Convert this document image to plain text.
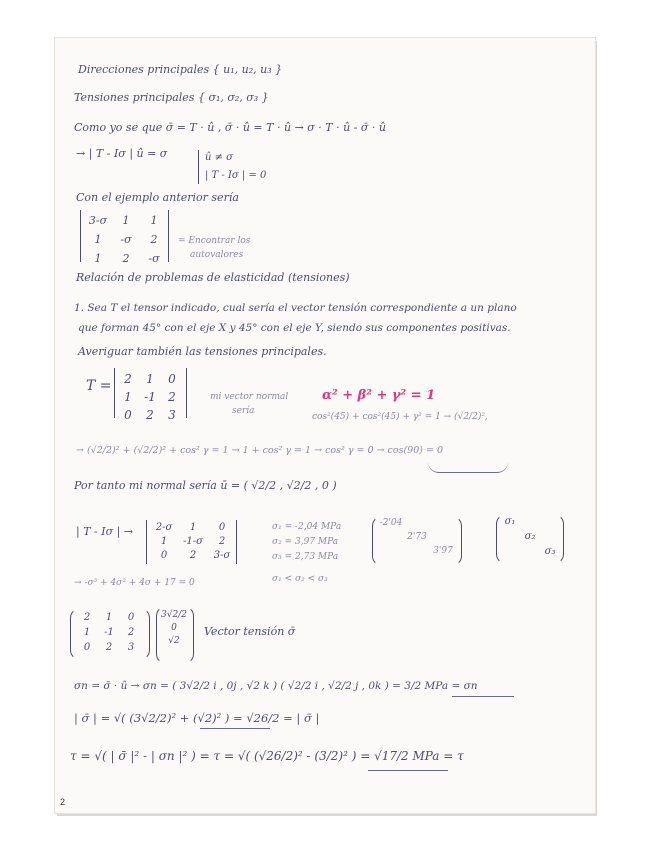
Direcciones principales { u₁, u₂, u₃ }
Tensiones principales { σ₁, σ₂, σ₃ }
Como yo se que σ̄ = T · û , σ̄ · û = T · û → σ · T · û - σ̄ · û
→ | T - Iσ | û = σ	û ≠ σ
| T - Iσ | = 0
Con el ejemplo anterior sería
3-σ	1	1
1	-σ	2
1	2	-σ
= Encontrar los
autovalores
Relación de problemas de elasticidad (tensiones)
1. Sea T el tensor indicado, cual sería el vector tensión correspondiente a un plano
que forman 45° con el eje X y 45° con el eje Y, siendo sus componentes positivas.
Averiguar también las tensiones principales.
T =	2	1	0
1	-1	2
0	2	3
mi vector normal
sería
α² + β² + γ² = 1
cos²(45) + cos²(45) + γ² = 1 → (√2/2)²,
→ (√2/2)² + (√2/2)² + cos² γ = 1 → 1 + cos² γ = 1 → cos² γ = 0 → cos(90) = 0
Por tanto mi normal sería ū = ( √2/2 , √2/2 , 0 )
| T - Iσ | →	2-σ	1	0
1	-1-σ	2
0	2	3-σ
σ₁ = -2,04 MPa
σ₂ = 3,97 MPa
σ₃ = 2,73 MPa
-2'04
2'73
3'97
σ₁
σ₂
σ₃
→ -σ³ + 4σ² + 4σ + 17 = 0	σ₁ < σ₂ < σ₃
2	1	0
1	-1	2
0	2	3
3√2/2
0
√2
Vector tensión σ̄
σn = σ̄ · û → σn = ( 3√2/2 i , 0j , √2 k ) ( √2/2 i , √2/2 j , 0k ) = 3/2 MPa = σn
| σ̄ | = √( (3√2/2)² + (√2)² ) = √26/2 = | σ̄ |
τ = √( | σ̄ |² - | σn |² ) = τ = √( (√26/2)² - (3/2)² ) = √17/2 MPa = τ
2
